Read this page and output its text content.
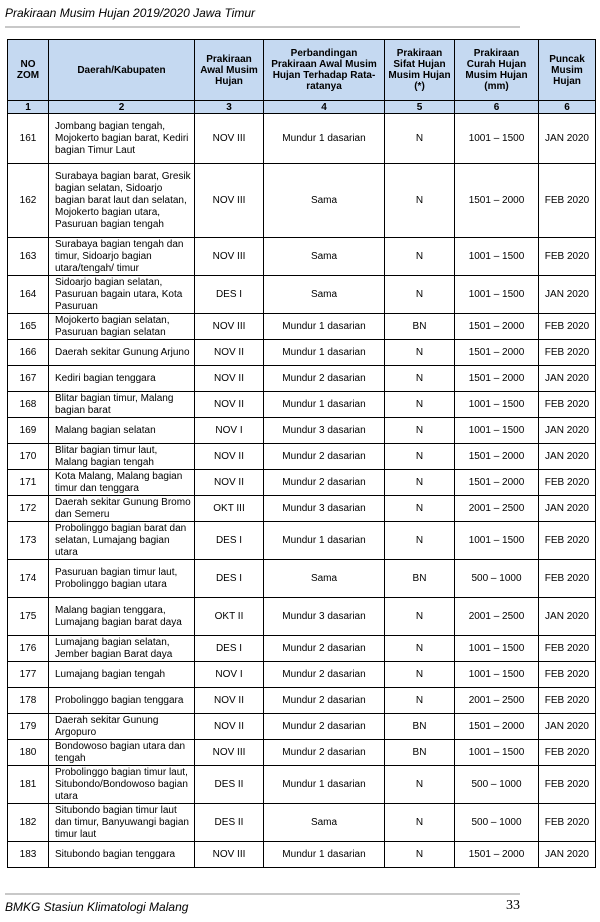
Prakiraan Musim Hujan 2019/2020 Jawa Timur
NO ZOM	Daerah/Kabupaten	Prakiraan Awal Musim Hujan	Perbandingan Prakiraan Awal Musim Hujan Terhadap Rata-ratanya	Prakiraan Sifat Hujan Musim Hujan (*)	Prakiraan Curah Hujan Musim Hujan (mm)	Puncak Musim Hujan
1	2	3	4	5	6	6
161	Jombang bagian tengah, Mojokerto bagian barat, Kediri bagian Timur Laut	NOV III	Mundur 1 dasarian	N	1001 – 1500	JAN 2020
162	Surabaya bagian barat, Gresik bagian selatan, Sidoarjo bagian barat laut dan selatan, Mojokerto bagian utara, Pasuruan bagian tengah	NOV III	Sama	N	1501 – 2000	FEB 2020
163	Surabaya bagian tengah dan timur, Sidoarjo bagian utara/tengah/ timur	NOV III	Sama	N	1001 – 1500	FEB 2020
164	Sidoarjo bagian selatan, Pasuruan bagain utara, Kota Pasuruan	DES I	Sama	N	1001 – 1500	JAN 2020
165	Mojokerto bagian selatan, Pasuruan bagian selatan	NOV III	Mundur 1 dasarian	BN	1501 – 2000	FEB 2020
166	Daerah sekitar Gunung Arjuno	NOV II	Mundur 1 dasarian	N	1501 – 2000	FEB 2020
167	Kediri bagian tenggara	NOV II	Mundur 2 dasarian	N	1501 – 2000	JAN 2020
168	Blitar bagian timur, Malang bagian barat	NOV II	Mundur 1 dasarian	N	1001 – 1500	FEB 2020
169	Malang bagian selatan	NOV I	Mundur 3 dasarian	N	1001 – 1500	JAN 2020
170	Blitar bagian timur laut, Malang bagian tengah	NOV II	Mundur 2 dasarian	N	1501 – 2000	JAN 2020
171	Kota Malang, Malang bagian timur dan tenggara	NOV II	Mundur 2 dasarian	N	1501 – 2000	FEB 2020
172	Daerah sekitar Gunung Bromo dan Semeru	OKT III	Mundur 3 dasarian	N	2001 – 2500	JAN 2020
173	Probolinggo bagian barat dan selatan, Lumajang bagian utara	DES I	Mundur 1 dasarian	N	1001 – 1500	FEB 2020
174	Pasuruan bagian timur laut, Probolinggo bagian utara	DES I	Sama	BN	500 – 1000	FEB 2020
175	Malang bagian tenggara, Lumajang bagian barat daya	OKT II	Mundur 3 dasarian	N	2001 – 2500	JAN 2020
176	Lumajang bagian selatan, Jember bagian Barat daya	DES I	Mundur 2 dasarian	N	1001 – 1500	FEB 2020
177	Lumajang bagian tengah	NOV I	Mundur 2 dasarian	N	1001 – 1500	FEB 2020
178	Probolinggo bagian tenggara	NOV II	Mundur 2 dasarian	N	2001 – 2500	FEB 2020
179	Daerah sekitar Gunung Argopuro	NOV II	Mundur 2 dasarian	BN	1501 – 2000	JAN 2020
180	Bondowoso bagian utara dan tengah	NOV III	Mundur 2 dasarian	BN	1001 – 1500	FEB 2020
181	Probolinggo bagian timur laut, Situbondo/Bondowoso bagian utara	DES II	Mundur 1 dasarian	N	500 – 1000	FEB 2020
182	Situbondo bagian timur laut dan timur, Banyuwangi bagian timur laut	DES II	Sama	N	500 – 1000	FEB 2020
183	Situbondo bagian tenggara	NOV III	Mundur 1 dasarian	N	1501 – 2000	JAN 2020
BMKG Stasiun Klimatologi Malang	33
